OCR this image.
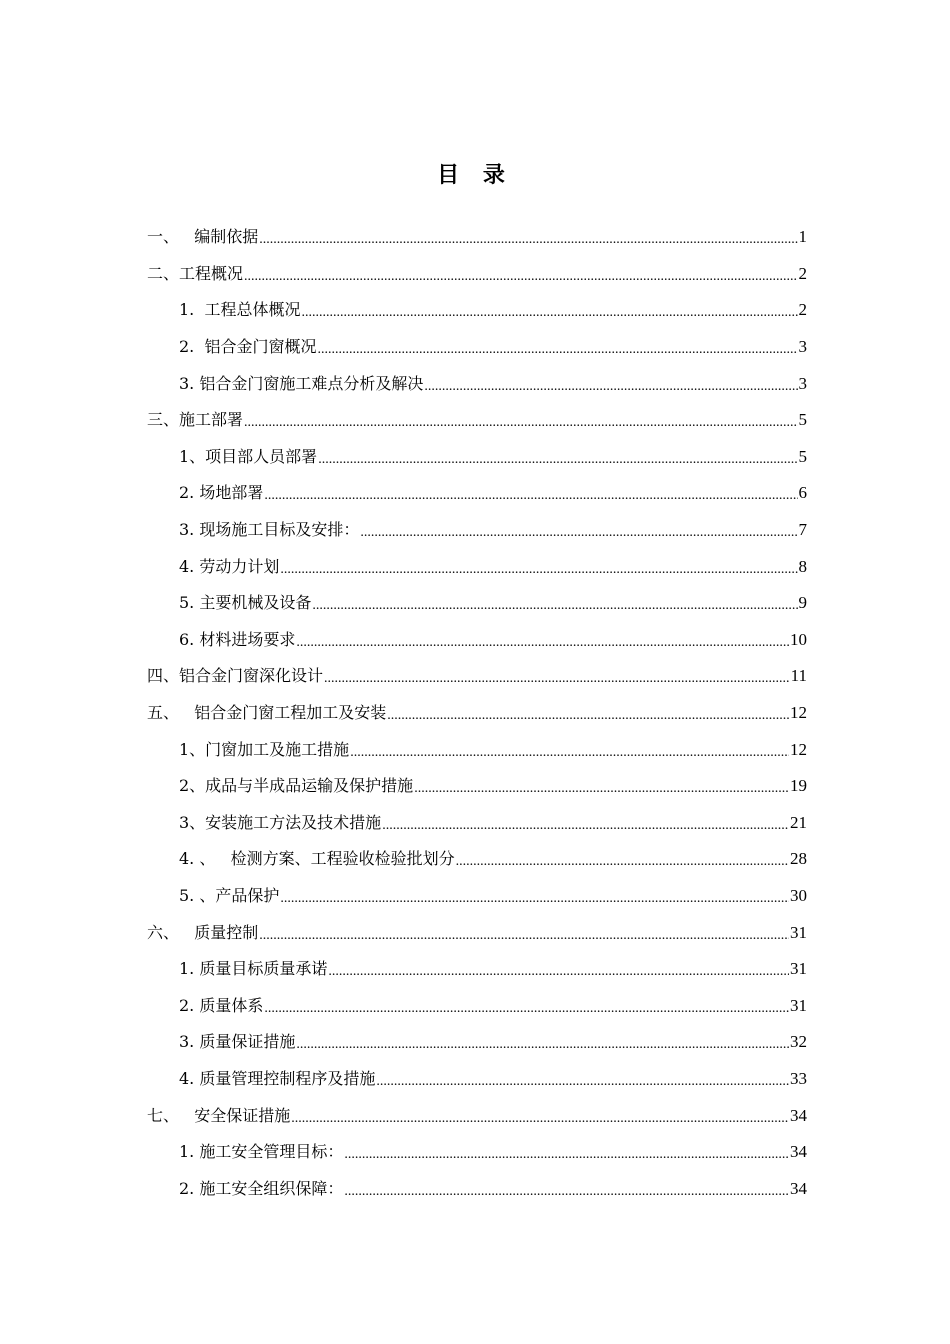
目 录
一、   编制依据 .....	1
二、工程概况 .....	2
1.  工程总体概况 .....	2
2.  铝合金门窗概况 .....	3
3. 铝合金门窗施工难点分析及解决 .....	3
三、施工部署 .....	5
1、项目部人员部署 .....	5
2. 场地部署 .....	6
3. 现场施工目标及安排： .....	7
4. 劳动力计划 .....	8
5. 主要机械及设备 .....	9
6. 材料进场要求 .....	10
四、铝合金门窗深化设计 .....	11
五、   铝合金门窗工程加工及安装 .....	12
1、门窗加工及施工措施 .....	12
2、成品与半成品运输及保护措施 .....	19
3、安装施工方法及技术措施 .....	21
4. 、   检测方案、工程验收检验批划分 .....	28
5. 、产品保护 .....	30
六、   质量控制 .....	31
1. 质量目标质量承诺 .....	31
2. 质量体系 .....	31
3. 质量保证措施 .....	32
4. 质量管理控制程序及措施 .....	33
七、   安全保证措施 .....	34
1. 施工安全管理目标： .....	34
2. 施工安全组织保障： .....	34
